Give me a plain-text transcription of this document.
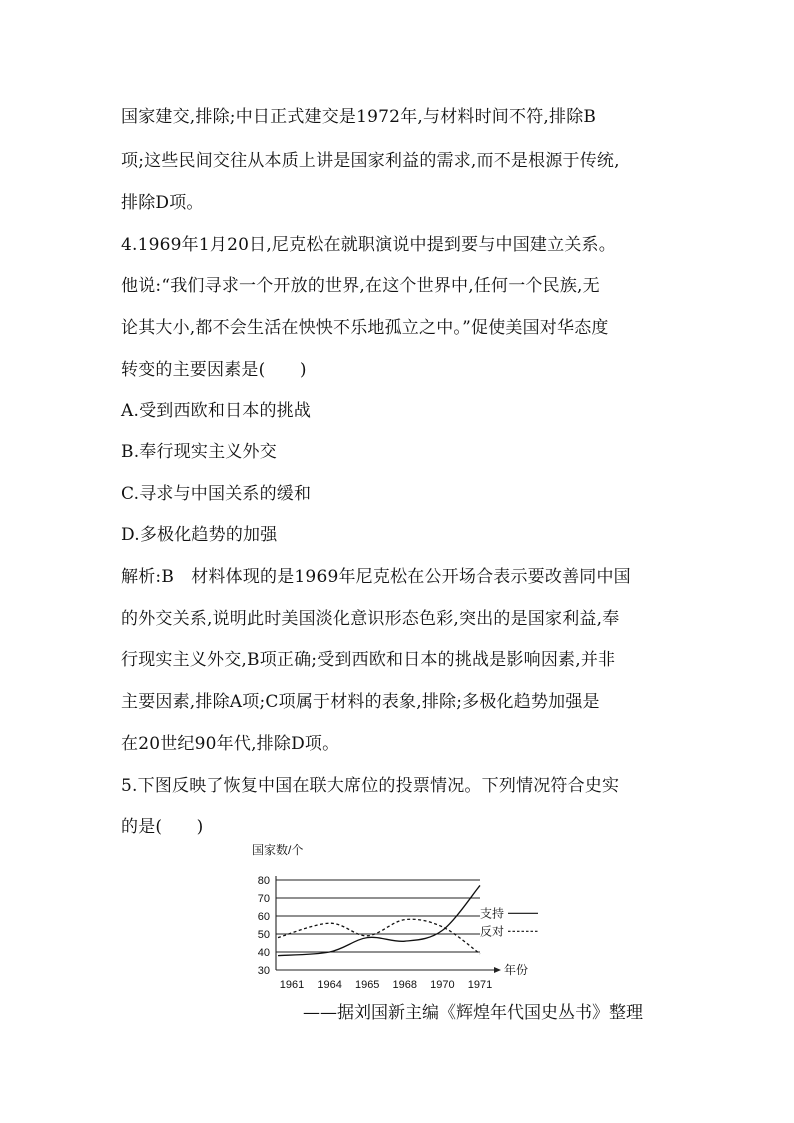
国家建交,排除;中日正式建交是1972年,与材料时间不符,排除B
项;这些民间交往从本质上讲是国家利益的需求,而不是根源于传统,
排除D项。
4.1969年1月20日,尼克松在就职演说中提到要与中国建立关系。
他说:“我们寻求一个开放的世界,在这个世界中,任何一个民族,无
论其大小,都不会生活在怏怏不乐地孤立之中。”促使美国对华态度
转变的主要因素是(　　)
A.受到西欧和日本的挑战
B.奉行现实主义外交
C.寻求与中国关系的缓和
D.多极化趋势的加强
解析:B　材料体现的是1969年尼克松在公开场合表示要改善同中国
的外交关系,说明此时美国淡化意识形态色彩,突出的是国家利益,奉
行现实主义外交,B项正确;受到西欧和日本的挑战是影响因素,并非
主要因素,排除A项;C项属于材料的表象,排除;多极化趋势加强是
在20世纪90年代,排除D项。
5.下图反映了恢复中国在联大席位的投票情况。下列情况符合史实
的是(　　)
国家数/个
30
40
50
60
70
80
年份
1961 1964 1965 1968 1970 1971
支持
反对
——据刘国新主编《辉煌年代国史丛书》整理
